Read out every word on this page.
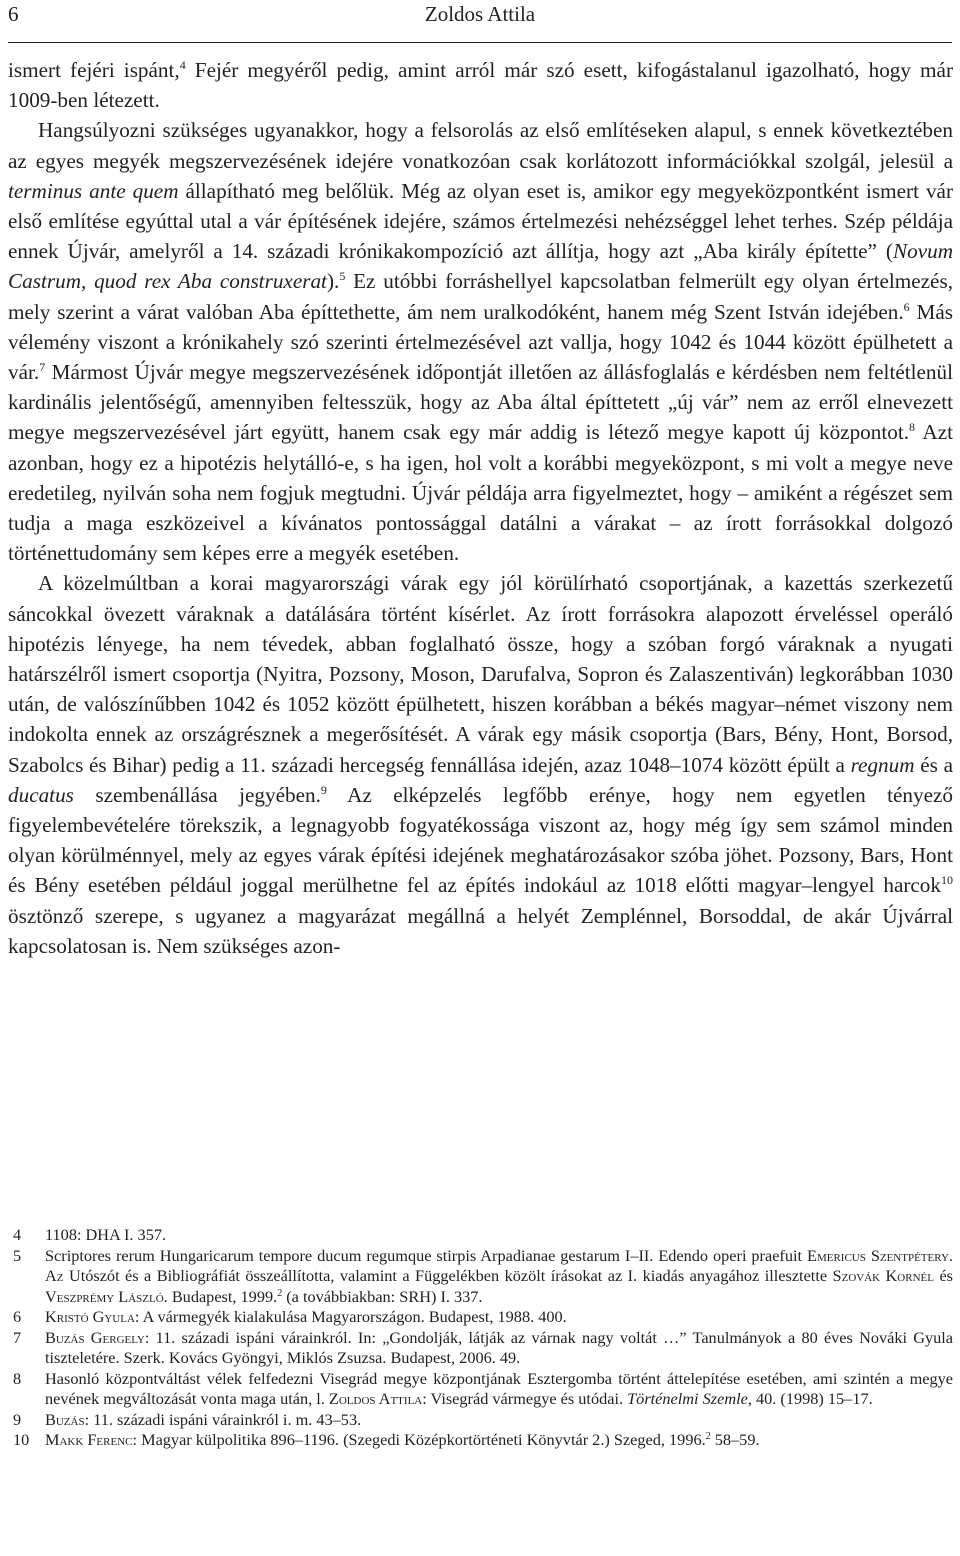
6	Zoldos Attila

ismert fejéri ispánt,$^4$ Fejér megyéről pedig, amint arról már szó esett, kifogástalanul igazolható, hogy már 1009-ben létezett.

Hangsúlyozni szükséges ugyanakkor, hogy a felsorolás az első említéseken alapul, s ennek következtében az egyes megyék megszervezésének idejére vonatkozóan csak korlátozott információkkal szolgál, jelesül a terminus ante quem állapítható meg belőlük. Még az olyan eset is, amikor egy megyeközpontként ismert vár első említése egyúttal utal a vár építésének idejére, számos értelmezési nehézséggel lehet terhes. Szép példája ennek Újvár, amelyről a 14. századi krónikakompozíció azt állítja, hogy azt „Aba király építette” (Novum Castrum, quod rex Aba construxerat).$^5$ Ez utóbbi forráshellyel kapcsolatban felmerült egy olyan értelmezés, mely szerint a várat valóban Aba építtethette, ám nem uralkodóként, hanem még Szent István idejében.$^6$ Más vélemény viszont a krónikahely szó szerinti értelmezésével azt vallja, hogy 1042 és 1044 között épülhetett a vár.$^7$ Mármost Újvár megye megszervezésének időpontját illetően az állásfoglalás e kérdésben nem feltétlenül kardinális jelentőségű, amennyiben feltesszük, hogy az Aba által építtetett „új vár” nem az erről elnevezett megye megszervezésével járt együtt, hanem csak egy már addig is létező megye kapott új központot.$^8$ Azt azonban, hogy ez a hipotézis helytálló-e, s ha igen, hol volt a korábbi megyeközpont, s mi volt a megye neve eredetileg, nyilván soha nem fogjuk megtudni. Újvár példája arra figyelmeztet, hogy – amiként a régészet sem tudja a maga eszközeivel a kívánatos pontossággal datálni a várakat – az írott forrásokkal dolgozó történettudomány sem képes erre a megyék esetében.

A közelmúltban a korai magyarországi várak egy jól körülírható csoportjának, a kazettás szerkezetű sáncokkal övezett váraknak a datálására történt kísérlet. Az írott forrásokra alapozott érveléssel operáló hipotézis lényege, ha nem tévedek, abban foglalható össze, hogy a szóban forgó váraknak a nyugati határszélről ismert csoportja (Nyitra, Pozsony, Moson, Darufalva, Sopron és Zalaszentiván) legkorábban 1030 után, de valószínűbben 1042 és 1052 között épülhetett, hiszen korábban a békés magyar–német viszony nem indokolta ennek az országrésznek a megerősítését. A várak egy másik csoportja (Bars, Bény, Hont, Borsod, Szabolcs és Bihar) pedig a 11. századi hercegség fennállása idején, azaz 1048–1074 között épült a regnum és a ducatus szembenállása jegyében.$^9$ Az elképzelés legfőbb erénye, hogy nem egyetlen tényező figyelembevételére törekszik, a legnagyobb fogyatékossága viszont az, hogy még így sem számol minden olyan körülménnyel, mely az egyes várak építési idejének meghatározásakor szóba jöhet. Pozsony, Bars, Hont és Bény esetében például joggal merülhetne fel az építés indokául az 1018 előtti magyar–lengyel harcok$^{10}$ ösztönző szerepe, s ugyanez a magyarázat megállná a helyét Zemplénnel, Borsoddal, de akár Újvárral kapcsolatosan is. Nem szükséges azon-

4 1108: DHA I. 357.

5 Scriptores rerum Hungaricarum tempore ducum regumque stirpis Arpadianae gestarum I–II. Edendo operi praefuit Emericus Szentpétery. Az Utószót és a Bibliográfiát összeállította, valamint a Függelékben közölt írásokat az I. kiadás anyagához illesztette Szovák Kornél és Veszprémy László. Budapest, 1999.$^2$ (a továbbiakban: SRH) I. 337.

6 Kristó Gyula: A vármegyék kialakulása Magyarországon. Budapest, 1988. 400.

7 Buzás Gergely: 11. századi ispáni várainkról. In: „Gondolják, látják az várnak nagy voltát …” Tanulmányok a 80 éves Nováki Gyula tiszteletére. Szerk. Kovács Gyöngyi, Miklós Zsuzsa. Budapest, 2006. 49.

8 Hasonló központváltást vélek felfedezni Visegrád megye központjának Esztergomba történt áttelepítése esetében, ami szintén a megye nevének megváltozását vonta maga után, l. Zoldos Attila: Visegrád vármegye és utódai. Történelmi Szemle, 40. (1998) 15–17.

9 Buzás: 11. századi ispáni várainkról i. m. 43–53.

10 Makk Ferenc: Magyar külpolitika 896–1196. (Szegedi Középkortörténeti Könyvtár 2.) Szeged, 1996.$^2$ 58–59.
